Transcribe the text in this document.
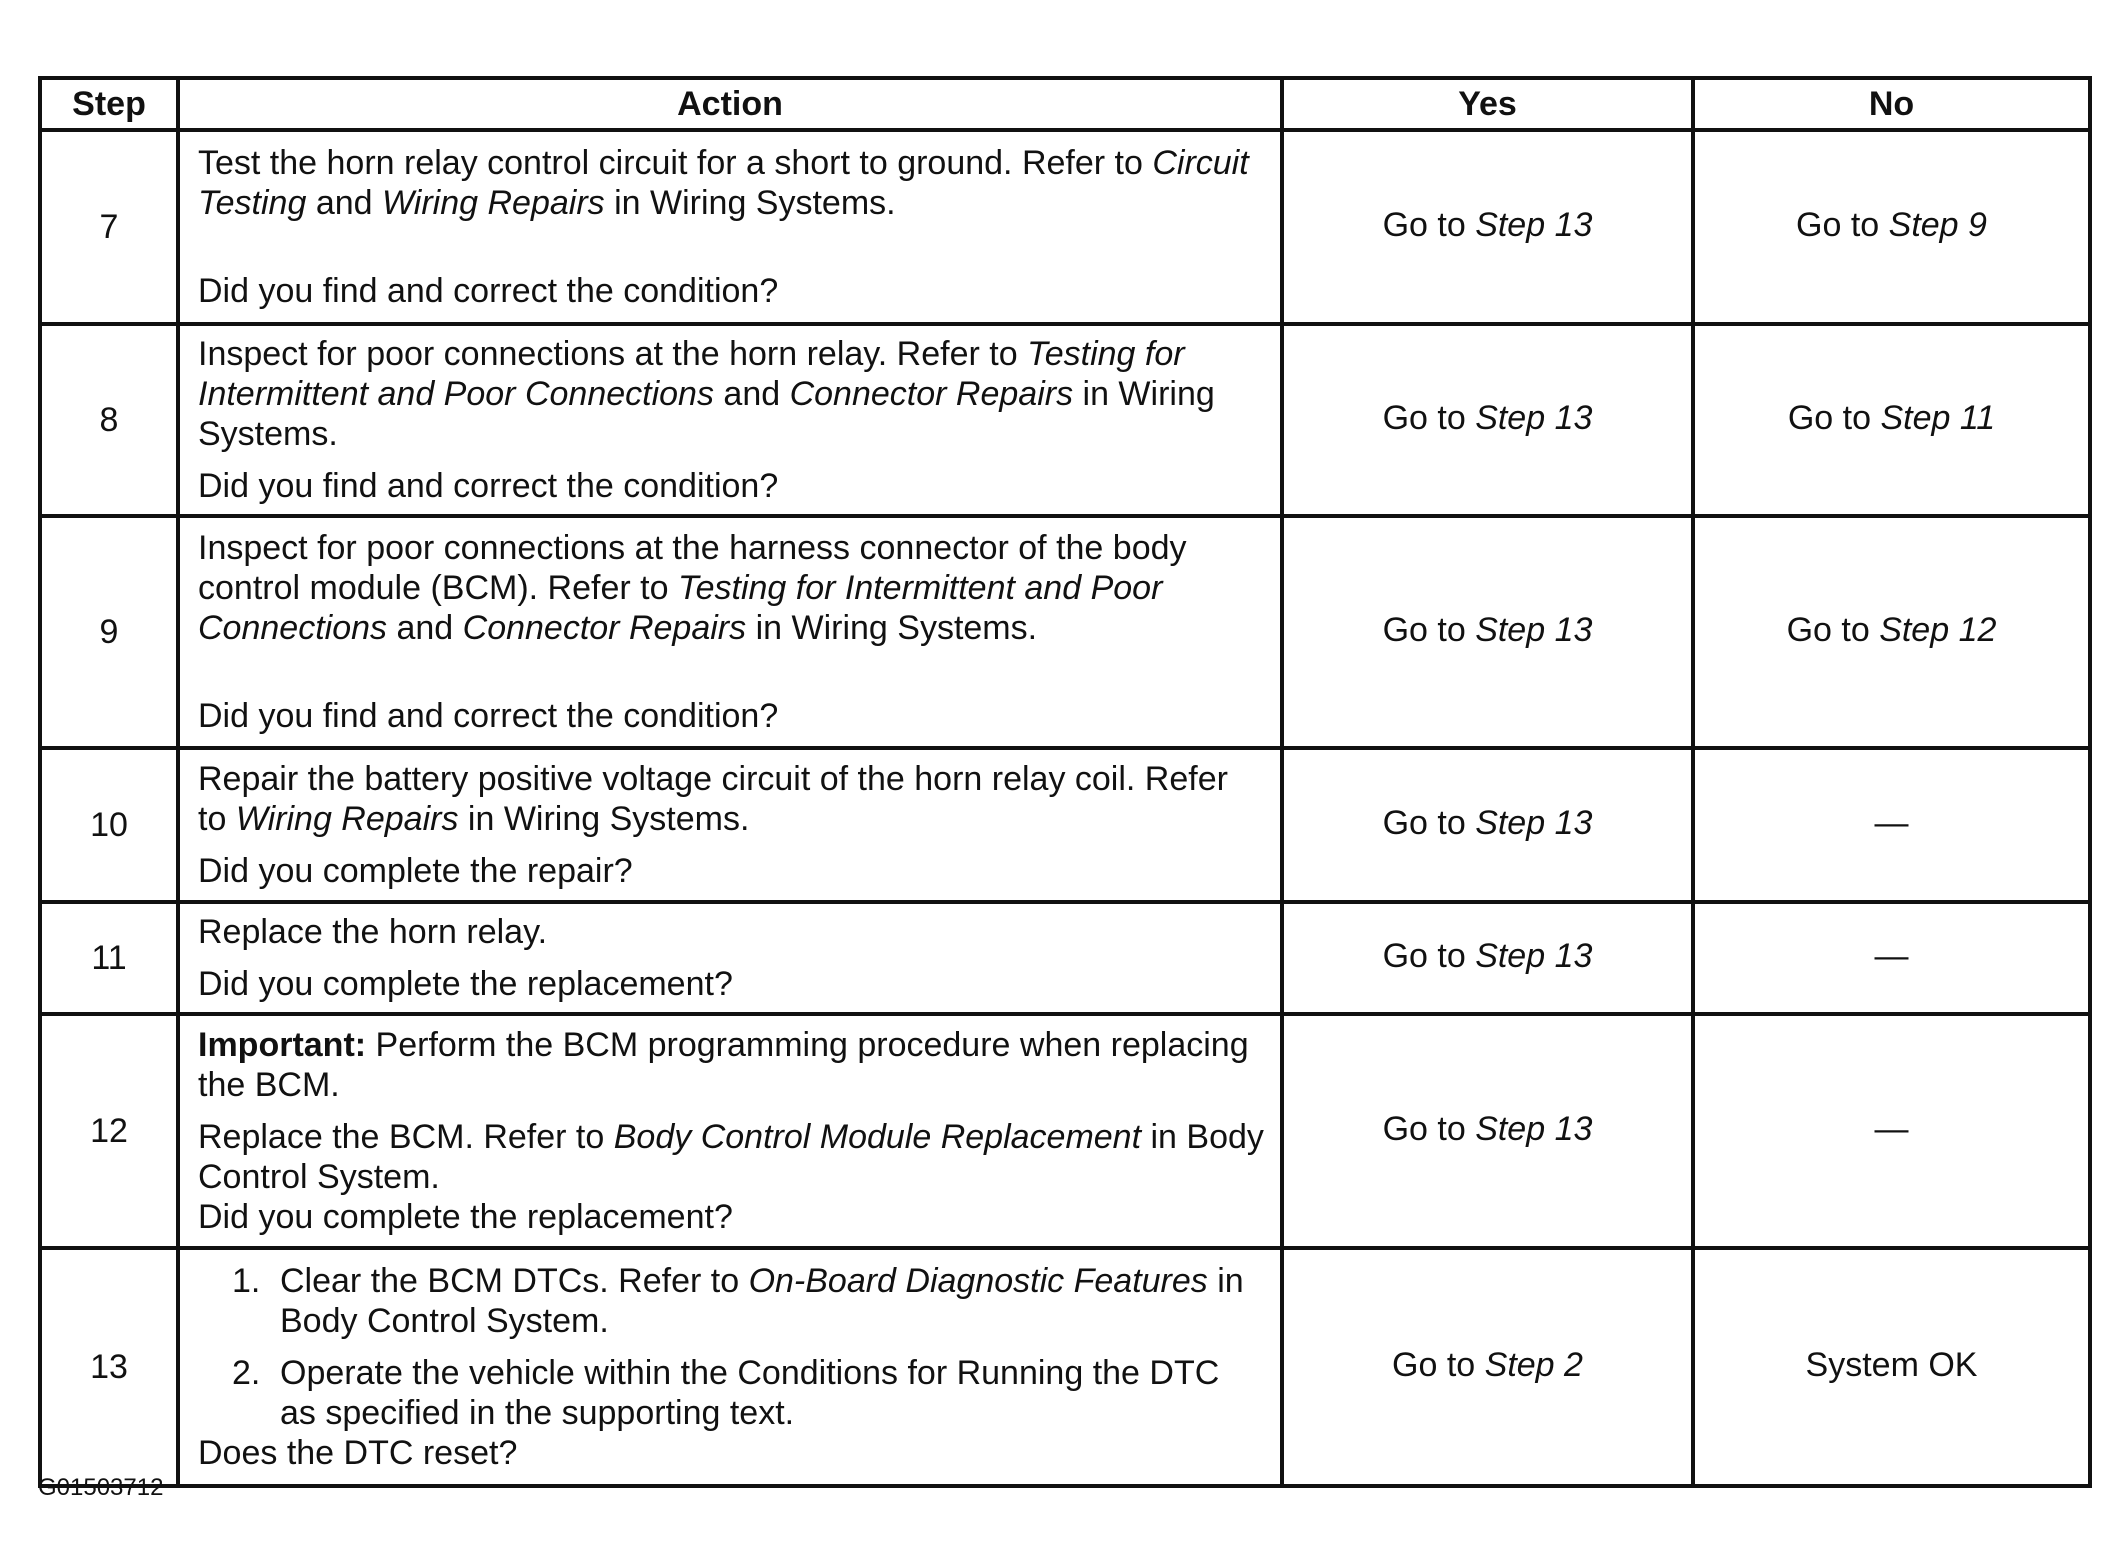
Step	Action	Yes	No
7	Test the horn relay control circuit for a short to ground. Refer to Circuit Testing and Wiring Repairs in Wiring Systems.

Did you find and correct the condition?	Go to Step 13	Go to Step 9
8	Inspect for poor connections at the horn relay. Refer to Testing for Intermittent and Poor Connections and Connector Repairs in Wiring Systems.

Did you find and correct the condition?	Go to Step 13	Go to Step 11
9	Inspect for poor connections at the harness connector of the body control module (BCM). Refer to Testing for Intermittent and Poor Connections and Connector Repairs in Wiring Systems.

Did you find and correct the condition?	Go to Step 13	Go to Step 12
10	Repair the battery positive voltage circuit of the horn relay coil. Refer to Wiring Repairs in Wiring Systems.

Did you complete the repair?	Go to Step 13	—
11	Replace the horn relay.

Did you complete the replacement?	Go to Step 13	—
12	Important: Perform the BCM programming procedure when replacing the BCM.

Replace the BCM. Refer to Body Control Module Replacement in Body Control System.

Did you complete the replacement?	Go to Step 13	—
13	1. Clear the BCM DTCs. Refer to On-Board Diagnostic Features in Body Control System.
2. Operate the vehicle within the Conditions for Running the DTC as specified in the supporting text.

Does the DTC reset?	Go to Step 2	System OK
G01503712
